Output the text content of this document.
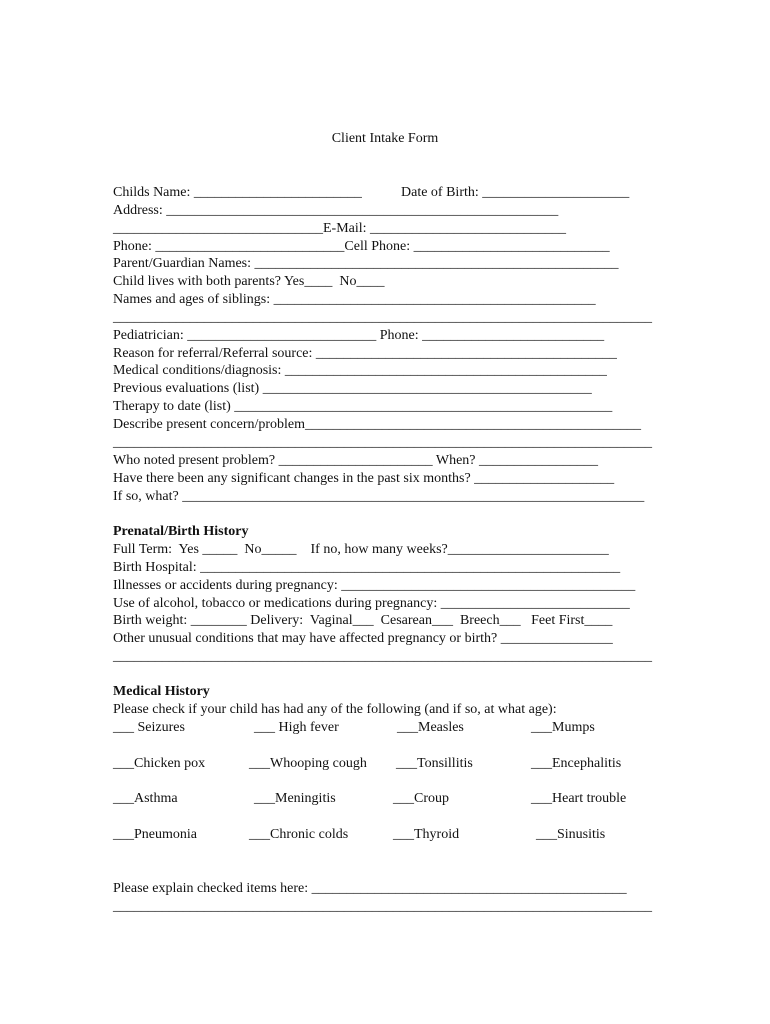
Client Intake Form
Childs Name: ________________________	Date of Birth: _____________________
Address: ________________________________________________________
______________________________E-Mail: ____________________________
Phone: ___________________________Cell Phone: ____________________________
Parent/Guardian Names: ____________________________________________________
Child lives with both parents? Yes____  No____
Names and ages of siblings: ______________________________________________
_____________________________________________________________________________
Pediatrician: ___________________________ Phone: __________________________
Reason for referral/Referral source: ___________________________________________
Medical conditions/diagnosis: ______________________________________________
Previous evaluations (list) _______________________________________________
Therapy to date (list) ______________________________________________________
Describe present concern/problem________________________________________________
_____________________________________________________________________________
Who noted present problem? ______________________ When? _________________
Have there been any significant changes in the past six months? ____________________
If so, what? __________________________________________________________________
Prenatal/Birth History
Full Term:  Yes _____  No_____    If no, how many weeks?_______________________
Birth Hospital: ____________________________________________________________
Illnesses or accidents during pregnancy: __________________________________________
Use of alcohol, tobacco or medications during pregnancy: ___________________________
Birth weight: ________ Delivery:  Vaginal___  Cesarean___  Breech___   Feet First____
Other unusual conditions that may have affected pregnancy or birth? ________________
_____________________________________________________________________________
Medical History
Please check if your child has had any of the following (and if so, at what age):
___ Seizures	___ High fever	___Measles	___Mumps
___Chicken pox	___Whooping cough ___Tonsillitis	___Encephalitis
___Asthma	___Meningitis	___Croup	___Heart trouble
___Pneumonia	___Chronic colds	___Thyroid	___Sinusitis
Please explain checked items here: _____________________________________________
_____________________________________________________________________________
